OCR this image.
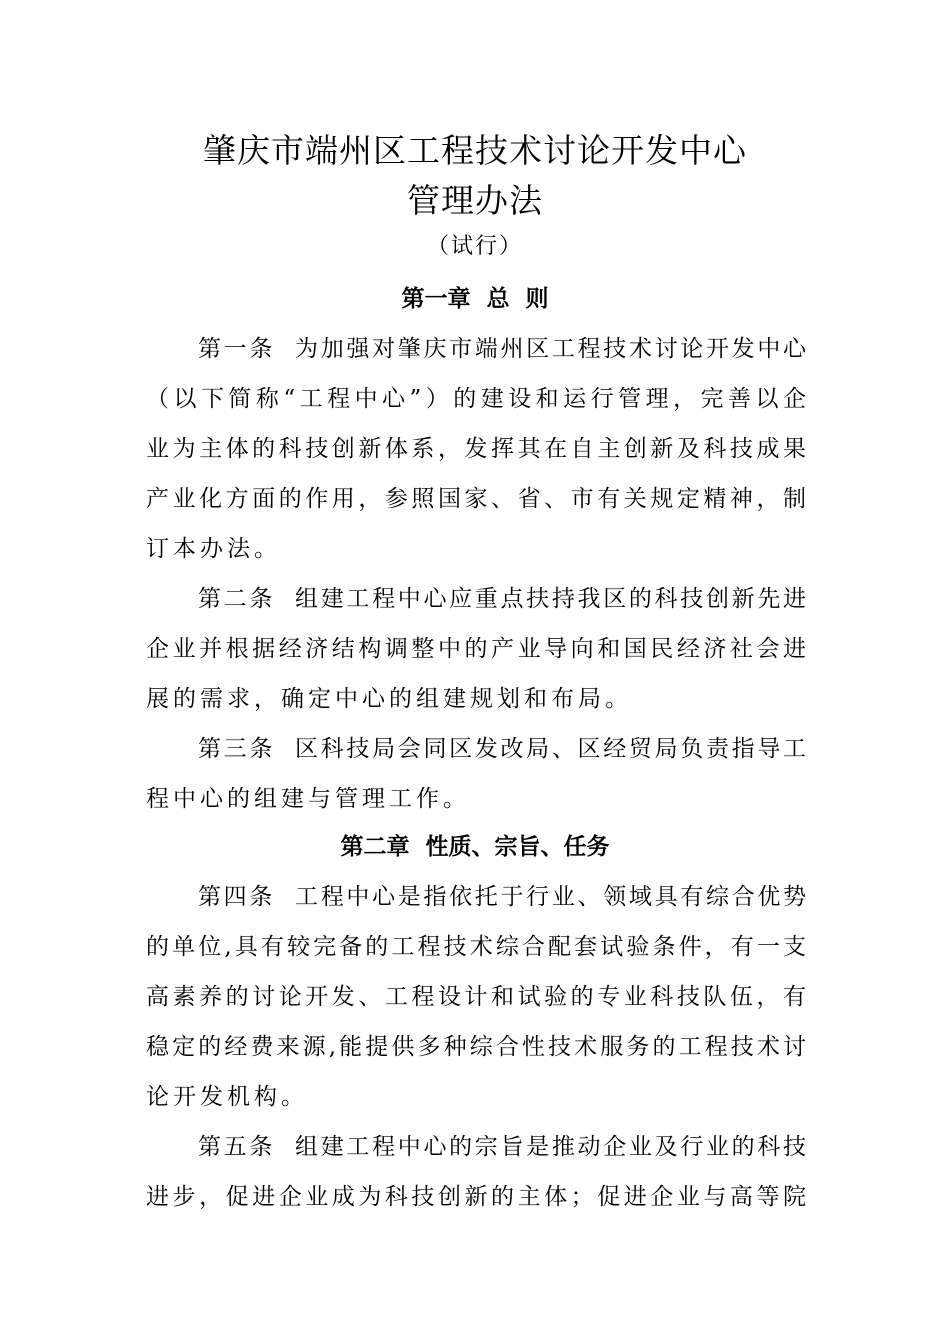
肇庆市端州区工程技术讨论开发中心
管理办法
（试行）
第一章  总  则
第一条  为加强对肇庆市端州区工程技术讨论开发中心
（以下简称“工程中心”）的建设和运行管理，完善以企
业为主体的科技创新体系，发挥其在自主创新及科技成果
产业化方面的作用，参照国家、省、市有关规定精神，制
订本办法。
第二条  组建工程中心应重点扶持我区的科技创新先进
企业并根据经济结构调整中的产业导向和国民经济社会进
展的需求，确定中心的组建规划和布局。
第三条  区科技局会同区发改局、区经贸局负责指导工
程中心的组建与管理工作。
第二章  性质、宗旨、任务
第四条  工程中心是指依托于行业、领域具有综合优势
的单位,具有较完备的工程技术综合配套试验条件，有一支
高素养的讨论开发、工程设计和试验的专业科技队伍，有
稳定的经费来源,能提供多种综合性技术服务的工程技术讨
论开发机构。
第五条  组建工程中心的宗旨是推动企业及行业的科技
进步，促进企业成为科技创新的主体；促进企业与高等院
